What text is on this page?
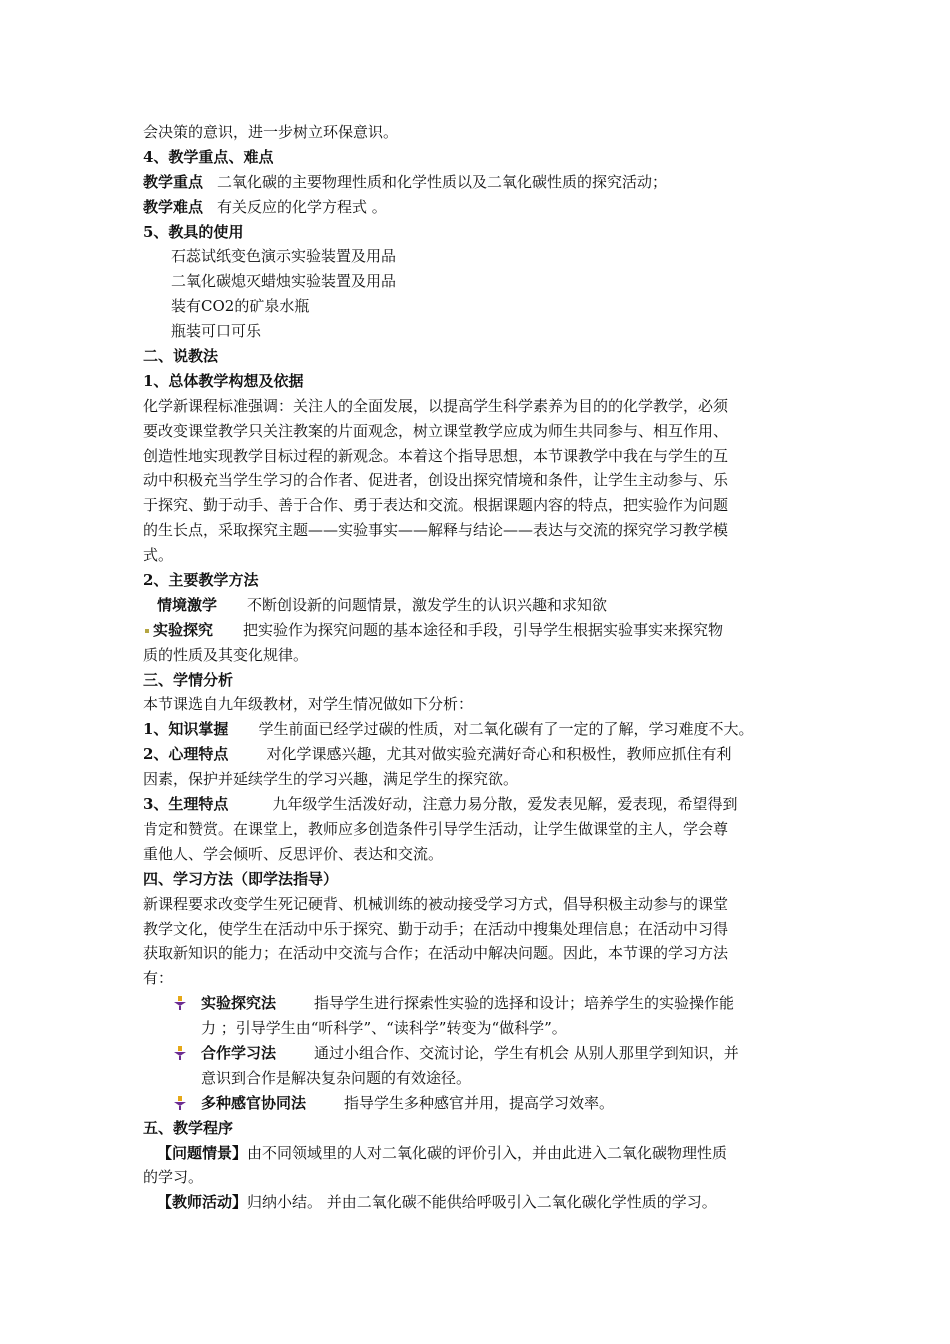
会决策的意识，进一步树立环保意识。
4、教学重点、难点
教学重点 二氧化碳的主要物理性质和化学性质以及二氧化碳性质的探究活动；
教学难点 有关反应的化学方程式 。
5、教具的使用
石蕊试纸变色演示实验装置及用品
二氧化碳熄灭蜡烛实验装置及用品
装有CO2的矿泉水瓶
瓶装可口可乐
二、说教法
1、总体教学构想及依据
化学新课程标准强调：关注人的全面发展，以提高学生科学素养为目的的化学教学，必须
要改变课堂教学只关注教案的片面观念，树立课堂教学应成为师生共同参与、相互作用、
创造性地实现教学目标过程的新观念。本着这个指导思想，本节课教学中我在与学生的互
动中积极充当学生学习的合作者、促进者，创设出探究情境和条件，让学生主动参与、乐
于探究、勤于动手、善于合作、勇于表达和交流。根据课题内容的特点，把实验作为问题
的生长点，采取探究主题——实验事实——解释与结论——表达与交流的探究学习教学模
式。
2、主要教学方法
情境激学 不断创设新的问题情景，激发学生的认识兴趣和求知欲
实验探究 把实验作为探究问题的基本途径和手段，引导学生根据实验事实来探究物
质的性质及其变化规律。
三、学情分析
本节课选自九年级教材，对学生情况做如下分析：
1、知识掌握 学生前面已经学过碳的性质，对二氧化碳有了一定的了解，学习难度不大。
2、心理特点	对化学课感兴趣，尤其对做实验充满好奇心和积极性，教师应抓住有利
因素，保护并延续学生的学习兴趣，满足学生的探究欲。
3、生理特点	九年级学生活泼好动，注意力易分散，爱发表见解，爱表现，希望得到
肯定和赞赏。在课堂上，教师应多创造条件引导学生活动，让学生做课堂的主人，学会尊
重他人、学会倾听、反思评价、表达和交流。
四、学习方法（即学法指导）
新课程要求改变学生死记硬背、机械训练的被动接受学习方式，倡导积极主动参与的课堂
教学文化，使学生在活动中乐于探究、勤于动手；在活动中搜集处理信息；在活动中习得
获取新知识的能力；在活动中交流与合作；在活动中解决问题。因此，本节课的学习方法
有：
实验探究法	指导学生进行探索性实验的选择和设计；培养学生的实验操作能
力 ；引导学生由“听科学”、“读科学”转变为“做科学”。
合作学习法	通过小组合作、交流讨论，学生有机会 从别人那里学到知识，并
意识到合作是解决复杂问题的有效途径。
多种感官协同法	指导学生多种感官并用，提高学习效率。
五、教学程序
【问题情景】由不同领域里的人对二氧化碳的评价引入，并由此进入二氧化碳物理性质
的学习。
【教师活动】归纳小结。 并由二氧化碳不能供给呼吸引入二氧化碳化学性质的学习。
